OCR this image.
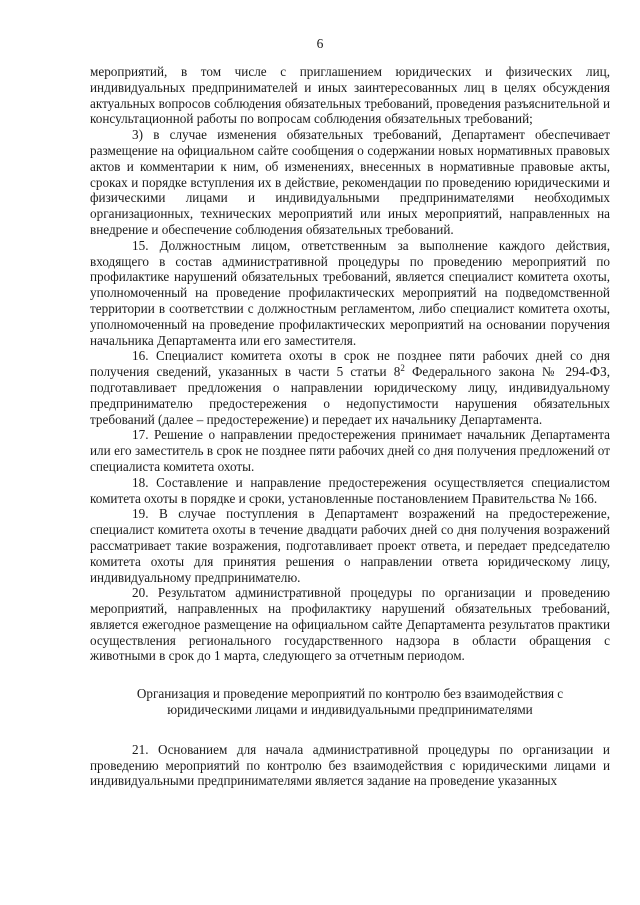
6

мероприятий, в том числе с приглашением юридических и физических лиц, индивидуальных предпринимателей и иных заинтересованных лиц в целях обсуждения актуальных вопросов соблюдения обязательных требований, проведения разъяснительной и консультационной работы по вопросам соблюдения обязательных требований;

3) в случае изменения обязательных требований, Департамент обеспечивает размещение на официальном сайте сообщения о содержании новых нормативных правовых актов и комментарии к ним, об изменениях, внесенных в нормативные правовые акты, сроках и порядке вступления их в действие, рекомендации по проведению юридическими и физическими лицами и индивидуальными предпринимателями необходимых организационных, технических мероприятий или иных мероприятий, направленных на внедрение и обеспечение соблюдения обязательных требований.

15. Должностным лицом, ответственным за выполнение каждого действия, входящего в состав административной процедуры по проведению мероприятий по профилактике нарушений обязательных требований, является специалист комитета охоты, уполномоченный на проведение профилактических мероприятий на подведомственной территории в соответствии с должностным регламентом, либо специалист комитета охоты, уполномоченный на проведение профилактических мероприятий на основании поручения начальника Департамента или его заместителя.

16. Специалист комитета охоты в срок не позднее пяти рабочих дней со дня получения сведений, указанных в части 5 статьи $8^2$ Федерального закона № 294-ФЗ, подготавливает предложения о направлении юридическому лицу, индивидуальному предпринимателю предостережения о недопустимости нарушения обязательных требований (далее – предостережение) и передает их начальнику Департамента.

17. Решение о направлении предостережения принимает начальник Департамента или его заместитель в срок не позднее пяти рабочих дней со дня получения предложений от специалиста комитета охоты.

18. Составление и направление предостережения осуществляется специалистом комитета охоты в порядке и сроки, установленные постановлением Правительства № 166.

19. В случае поступления в Департамент возражений на предостережение, специалист комитета охоты в течение двадцати рабочих дней со дня получения возражений рассматривает такие возражения, подготавливает проект ответа, и передает председателю комитета охоты для принятия решения о направлении ответа юридическому лицу, индивидуальному предпринимателю.

20. Результатом административной процедуры по организации и проведению мероприятий, направленных на профилактику нарушений обязательных требований, является ежегодное размещение на официальном сайте Департамента результатов практики осуществления регионального государственного надзора в области обращения с животными в срок до 1 марта, следующего за отчетным периодом.

Организация и проведение мероприятий по контролю без взаимодействия с юридическими лицами и индивидуальными предпринимателями

21. Основанием для начала административной процедуры по организации и проведению мероприятий по контролю без взаимодействия с юридическими лицами и индивидуальными предпринимателями является задание на проведение указанных
